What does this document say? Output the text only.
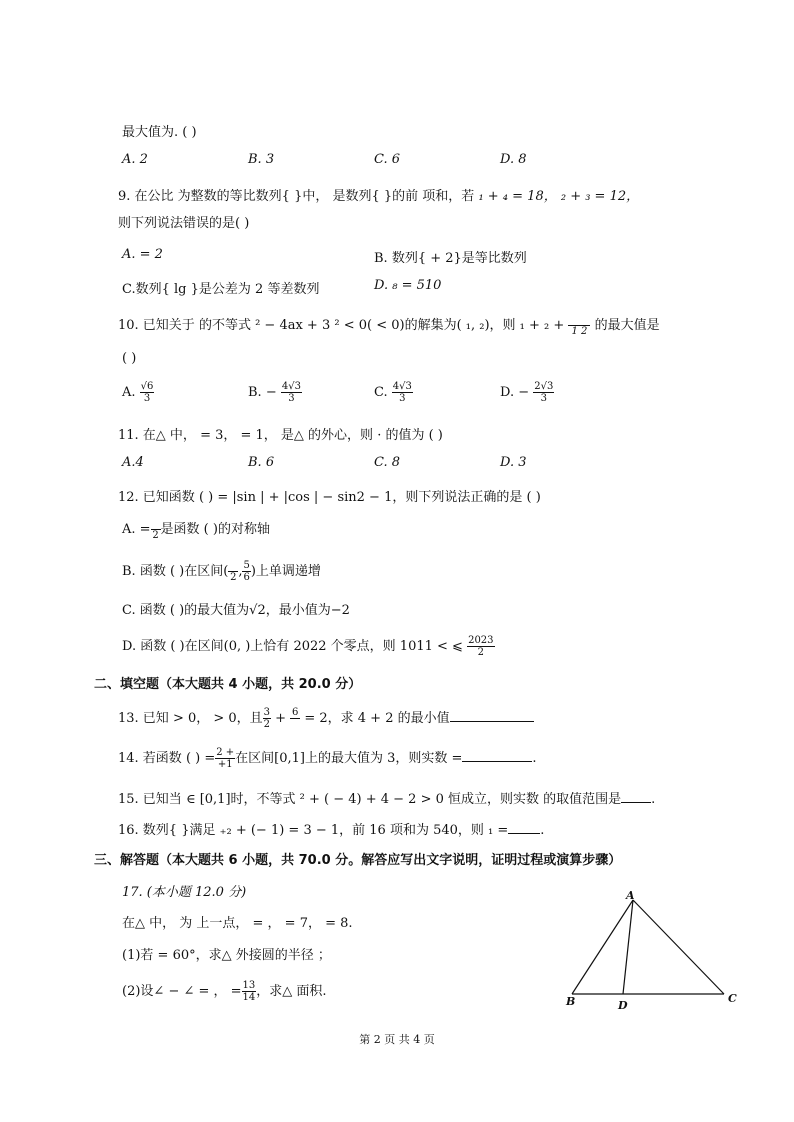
最大值为. ( )
A. 2	B. 3	C. 6	D. 8
9. 在公比 为整数的等比数列{ }中， 是数列{ }的前 项和，若 ₁ + ₄ = 18， ₂ + ₃ = 12，
则下列说法错误的是( )
A. = 2	B. 数列{ + 2}是等比数列
C.数列{ lg }是公差为 2 等差数列	D. ₈ = 510
10. 已知关于 的不等式 ² − 4ax + 3 ² < 0( < 0)的解集为( ₁, ₂)，则 ₁ + ₂ +
1 2 的最大值是
( )
A. $\frac{√6}{3}$	B. − $\frac{4√3}{3}$	C. $\frac{4√3}{3}$	D. − $\frac{2√3}{3}$
11. 在△ 中， = 3， = 1， 是△ 的外心，则 · 的值为 ( )
A.4	B. 6	C. 8	D. 3
12. 已知函数 ( ) = |sin | + |cos | − sin2 − 1，则下列说法正确的是 ( )
A. =
2 是函数 ( )的对称轴
B. 函数 ( )在区间(
2 , $\frac{5}{6}$ )上单调递增
C. 函数 ( )的最大值为√2，最小值为−2
D. 函数 ( )在区间(0, )上恰有 2022 个零点，则 1011 < ⩽ $\frac{2023}{2}$
二、填空题（本大题共 4 小题，共 20.0 分）
13. 已知 > 0， > 0，且 $\frac{3}{2} + 6$
= 2，求 4 + 2 的最小值
14. 若函数 ( ) = $\frac{2 +}{+1}$ 在区间[0,1]上的最大值为 3，则实数 =	.
15. 已知当 ∈ [0,1]时，不等式 ² + ( − 4) + 4 − 2 > 0 恒成立，则实数 的取值范围是 .
16. 数列{ }满足 ₊₂ + (− 1) = 3 − 1，前 16 项和为 540，则 ₁ = .
三、解答题（本大题共 6 小题，共 70.0 分。解答应写出文字说明，证明过程或演算步骤）
17. (本小题 12.0 分)
在△ 中， 为 上一点， = ， = 7， = 8.
(1)若 = 60°，求△ 外接圆的半径 ；
(2)设∠ − ∠ = ， = $\frac{13}{14}$ ，求△ 面积.
A
B	C
D
第 2 页 共 4 页
